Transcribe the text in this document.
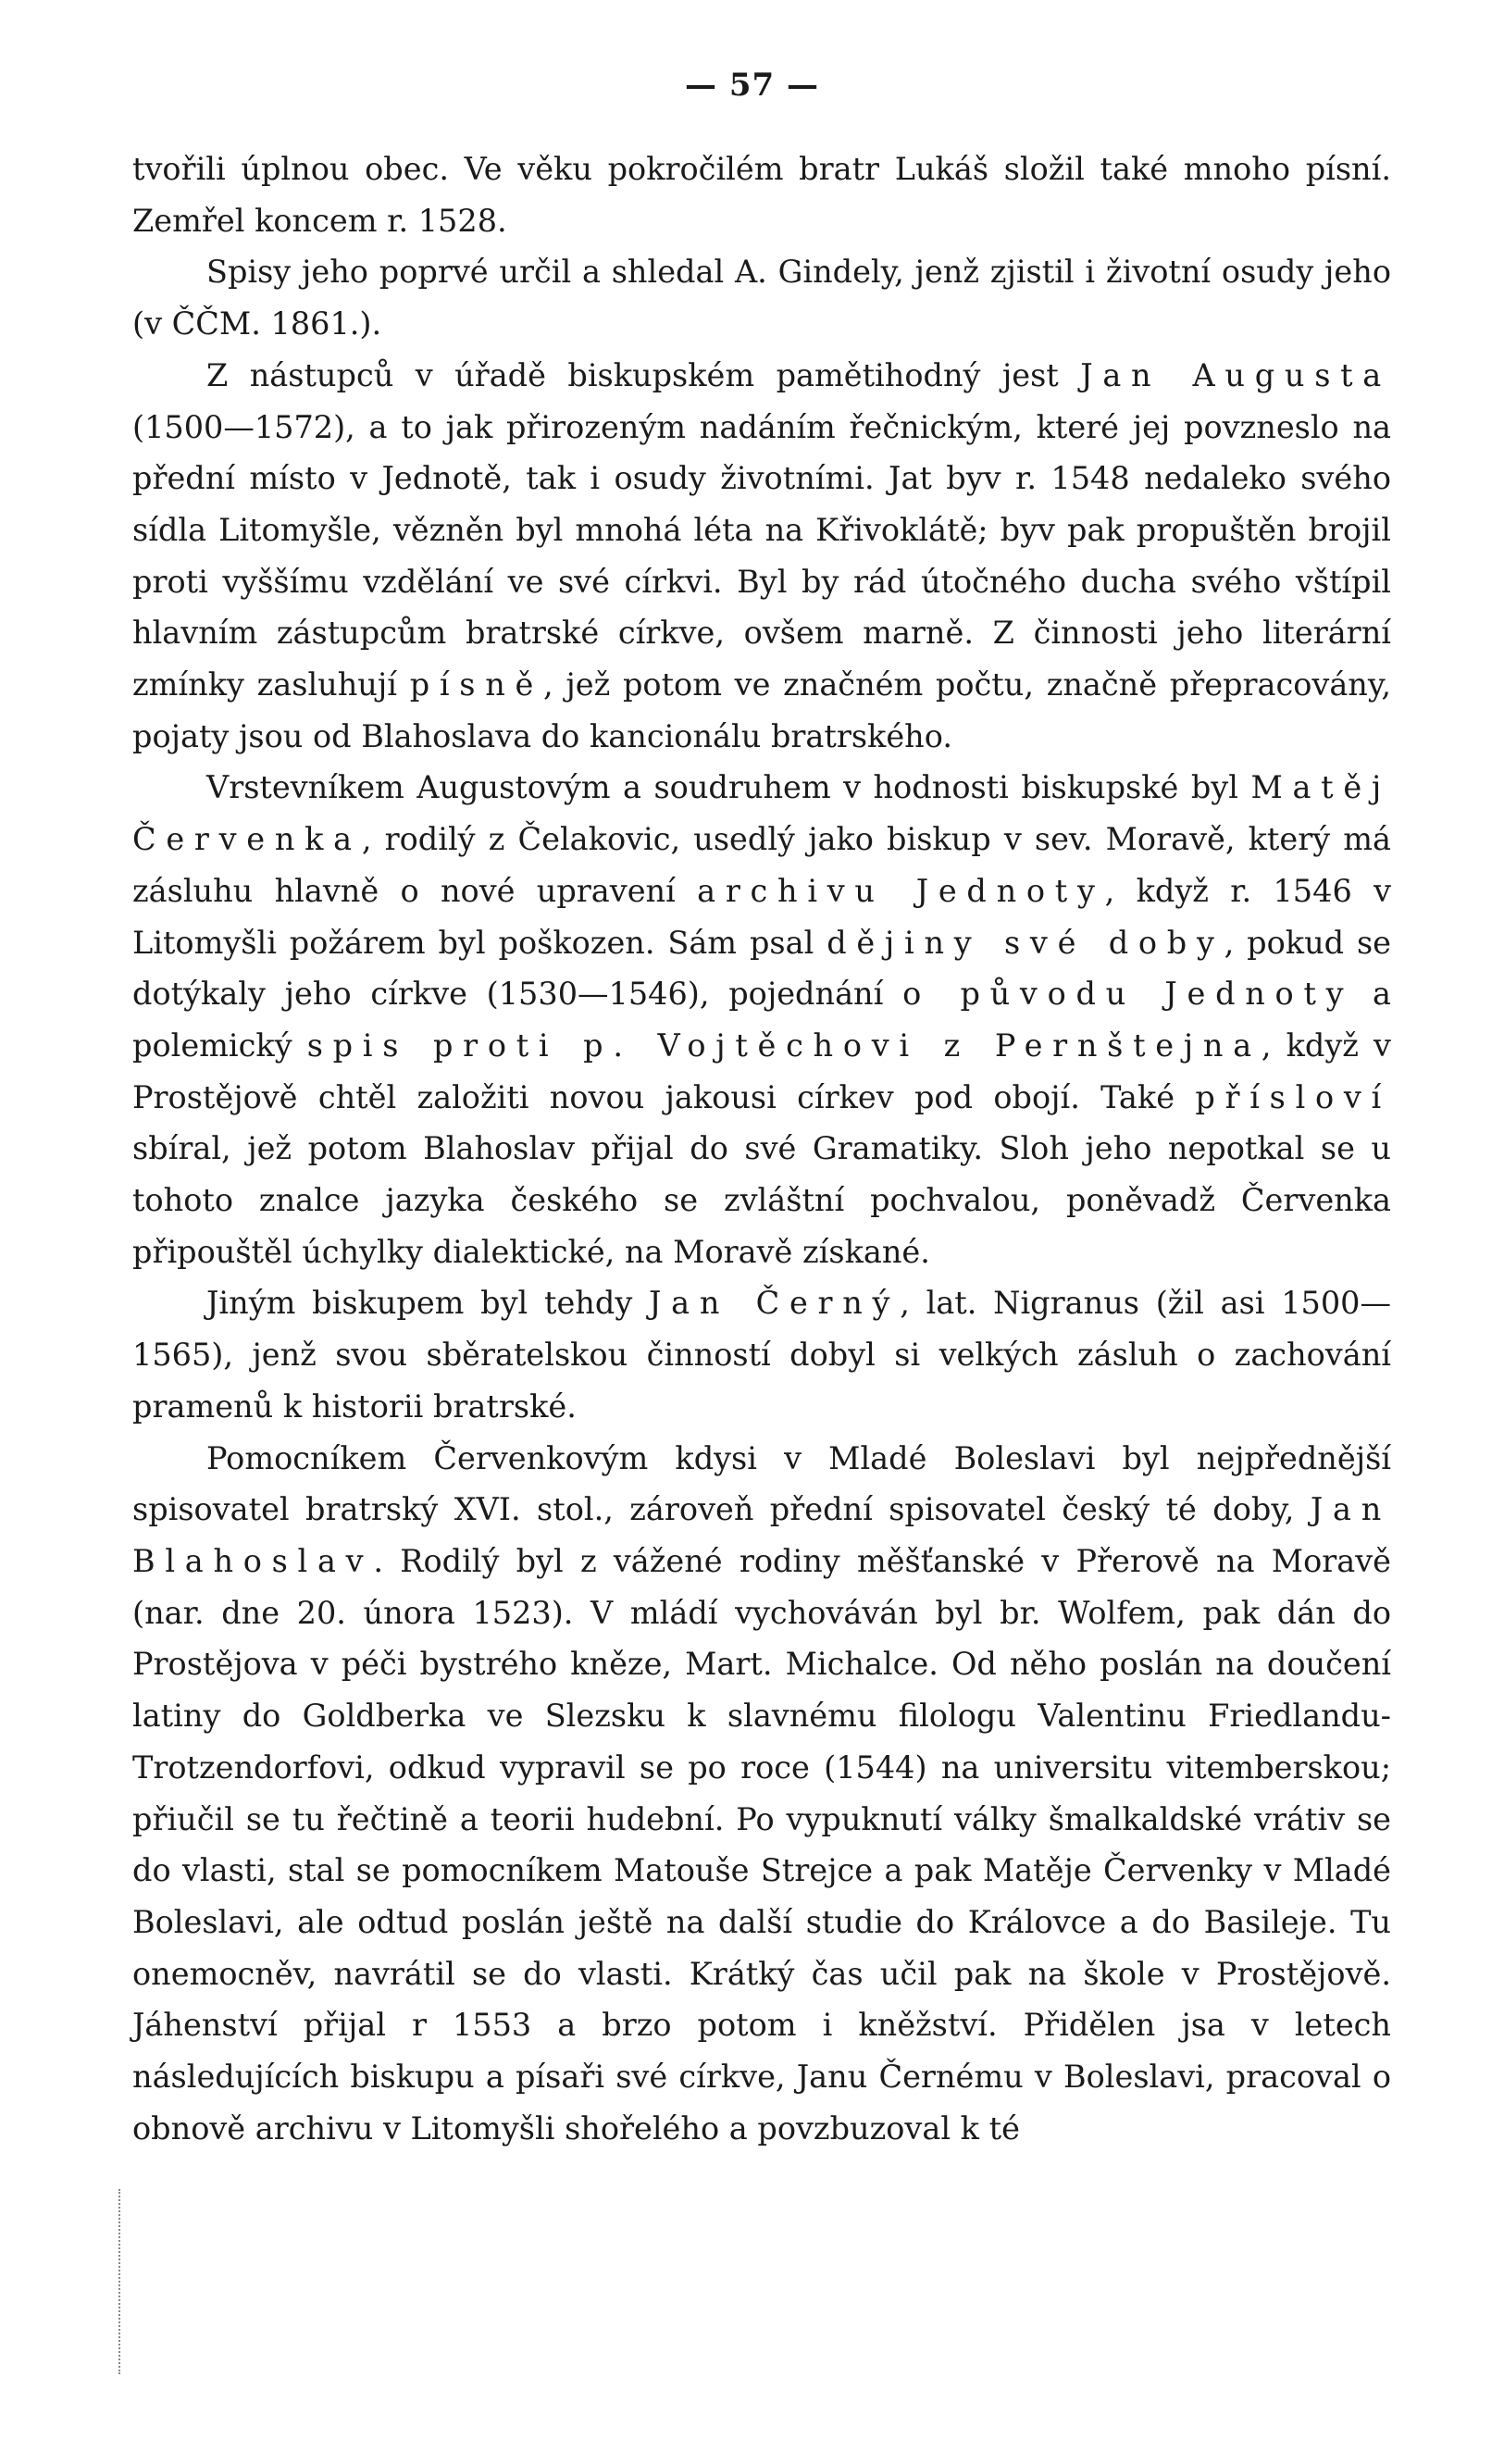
— 57 —

tvořili úplnou obec. Ve věku pokročilém bratr Lukáš složil také mnoho písní. Zemřel koncem r. 1528.

Spisy jeho poprvé určil a shledal A. Gindely, jenž zjistil i životní osudy jeho (v ČČM. 1861.).

Z nástupců v úřadě biskupském pamětihodný jest Jan Augusta (1500—1572), a to jak přirozeným nadáním řečnickým, které jej povzneslo na přední místo v Jednotě, tak i osudy životními. Jat byv r. 1548 nedaleko svého sídla Litomyšle, vězněn byl mnohá léta na Křivoklátě; byv pak propuštěn brojil proti vyššímu vzdělání ve své církvi. Byl by rád útočného ducha svého vštípil hlavním zástupcům bratrské církve, ovšem marně. Z činnosti jeho literární zmínky zasluhují písně, jež potom ve značném počtu, značně přepracovány, pojaty jsou od Blahoslava do kancionálu bratrského.

Vrstevníkem Augustovým a soudruhem v hodnosti biskupské byl Matěj Červenka, rodilý z Čelakovic, usedlý jako biskup v sev. Moravě, který má zásluhu hlavně o nové upravení archivu Jednoty, když r. 1546 v Litomyšli požárem byl poškozen. Sám psal dějiny své doby, pokud se dotýkaly jeho církve (1530—1546), pojednání o původu Jednoty a polemický spis proti p. Vojtěchovi z Pernštejna, když v Prostějově chtěl založiti novou jakousi církev pod obojí. Také přísloví sbíral, jež potom Blahoslav přijal do své Gramatiky. Sloh jeho nepotkal se u tohoto znalce jazyka českého se zvláštní pochvalou, poněvadž Červenka připouštěl úchylky dialektické, na Moravě získané.

Jiným biskupem byl tehdy Jan Černý, lat. Nigranus (žil asi 1500—1565), jenž svou sběratelskou činností dobyl si velkých zásluh o zachování pramenů k historii bratrské.

Pomocníkem Červenkovým kdysi v Mladé Boleslavi byl nejpřednější spisovatel bratrský XVI. stol., zároveň přední spisovatel český té doby, Jan Blahoslav. Rodilý byl z vážené rodiny měšťanské v Přerově na Moravě (nar. dne 20. února 1523). V mládí vychováván byl br. Wolfem, pak dán do Prostějova v péči bystrého kněze, Mart. Michalce. Od něho poslán na doučení latiny do Goldberka ve Slezsku k slavnému filologu Valentinu Friedlandu-Trotzendorfovi, odkud vypravil se po roce (1544) na universitu vitemberskou; přiučil se tu řečtině a teorii hudební. Po vypuknutí války šmalkaldské vrátiv se do vlasti, stal se pomocníkem Matouše Strejce a pak Matěje Červenky v Mladé Boleslavi, ale odtud poslán ještě na další studie do Královce a do Basileje. Tu onemocněv, navrátil se do vlasti. Krátký čas učil pak na škole v Prostějově. Jáhenství přijal r 1553 a brzo potom i kněžství. Přidělen jsa v letech následujících biskupu a písaři své církve, Janu Černému v Boleslavi, pracoval o obnově archivu v Litomyšli shořelého a povzbuzoval k té
